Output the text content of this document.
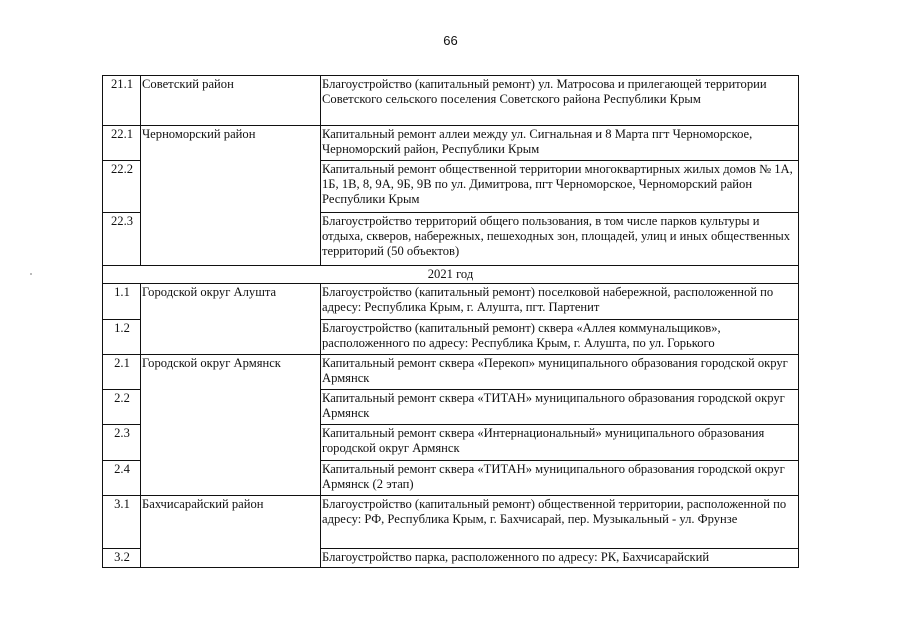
66
21.1	Советский район	Благоустройство (капитальный ремонт) ул. Матросова и прилегающей территории Советского сельского поселения Советского района Республики Крым
22.1	Черноморский район	Капитальный ремонт аллеи между ул. Сигнальная и 8 Марта пгт Черноморское, Черноморский район, Республики Крым
22.2		Капитальный ремонт общественной территории многоквартирных жилых домов № 1А, 1Б, 1В, 8, 9А, 9Б, 9В по ул. Димитрова, пгт Черноморское, Черноморский район Республики Крым
22.3		Благоустройство территорий общего пользования, в том числе парков культуры и отдыха, скверов, набережных, пешеходных зон, площадей, улиц и иных общественных территорий (50 объектов)
2021 год		
1.1	Городской округ Алушта	Благоустройство (капитальный ремонт) поселковой набережной, расположенной по адресу: Республика Крым, г. Алушта, пгт. Партенит
1.2		Благоустройство (капитальный ремонт) сквера «Аллея коммунальщиков», расположенного по адресу: Республика Крым, г. Алушта, по ул. Горького
2.1	Городской округ Армянск	Капитальный ремонт сквера «Перекоп» муниципального образования городской округ Армянск
2.2		Капитальный ремонт сквера «ТИТАН» муниципального образования городской округ Армянск
2.3		Капитальный ремонт сквера «Интернациональный» муниципального образования городской округ Армянск
2.4		Капитальный ремонт сквера «ТИТАН» муниципального образования городской округ Армянск (2 этап)
3.1	Бахчисарайский район	Благоустройство (капитальный ремонт) общественной территории, расположенной по адресу: РФ, Республика Крым, г. Бахчисарай, пер. Музыкальный - ул. Фрунзе
3.2		Благоустройство парка, расположенного по адресу: РК, Бахчисарайский
